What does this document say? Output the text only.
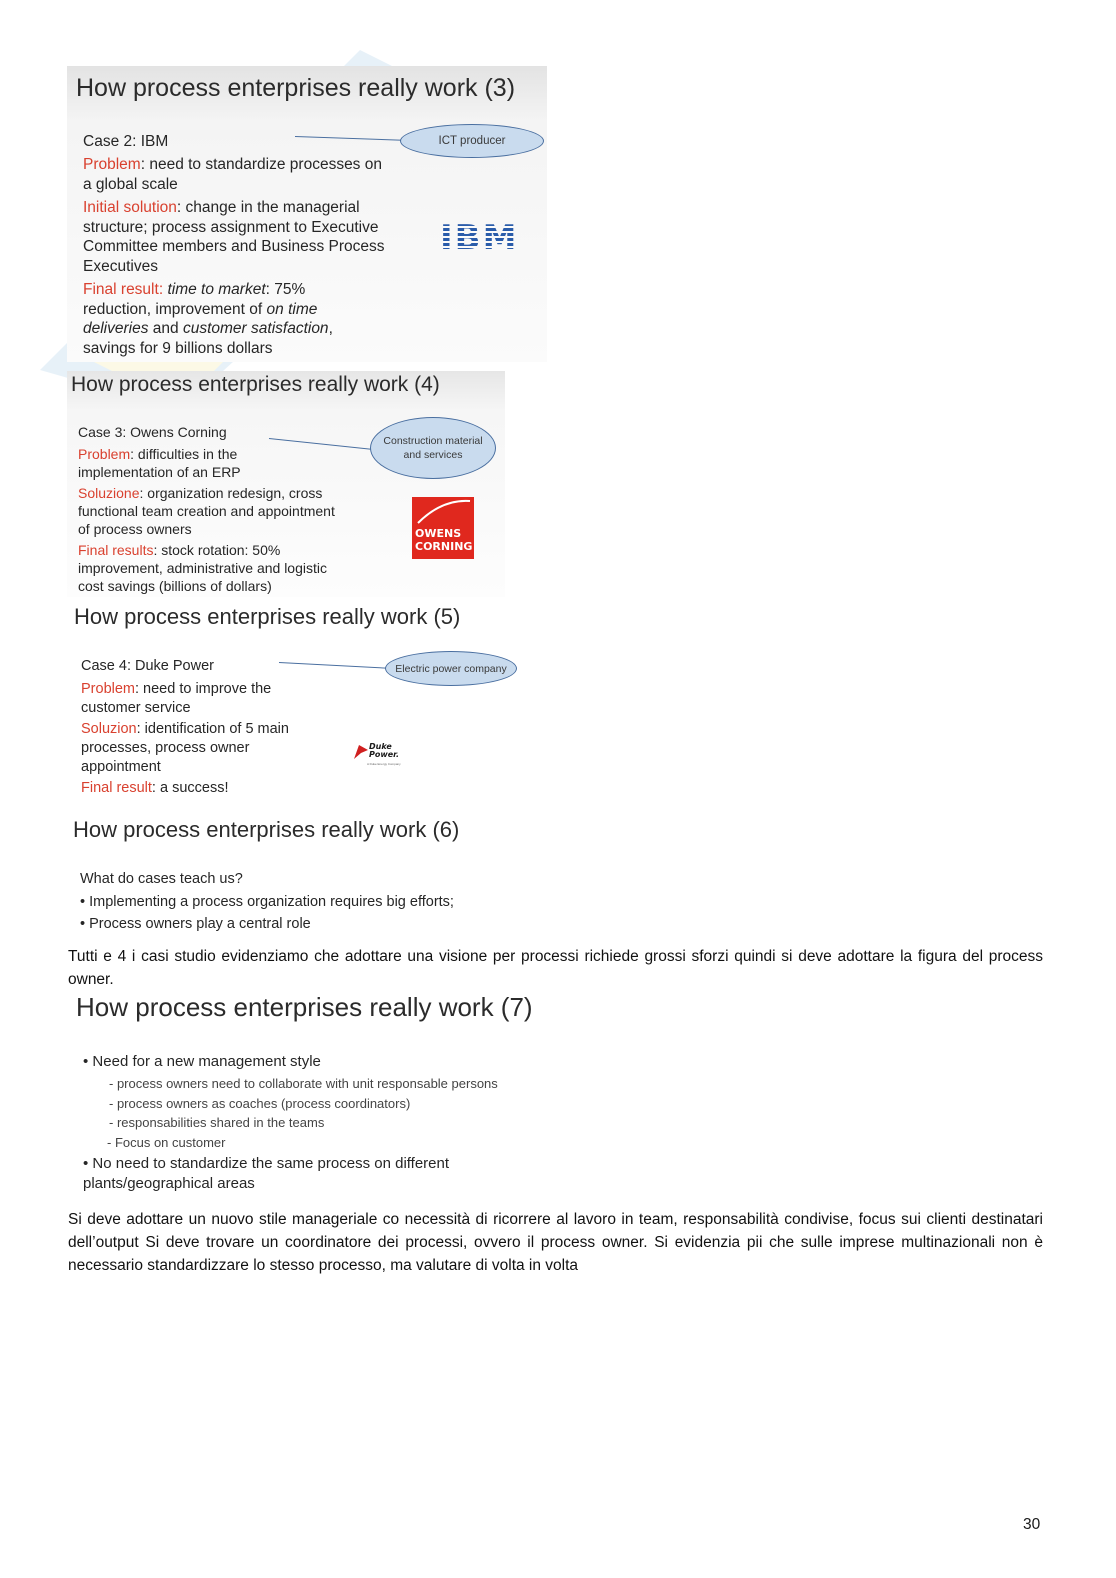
How process enterprises really work (3)
Case 2: IBM
Problem: need to standardize processes on a global scale
Initial solution: change in the managerial structure; process assignment to Executive Committee members and Business Process Executives
Final result: time to market: 75% reduction, improvement of on time deliveries and customer satisfaction, savings for 9 billions dollars
ICT producer
IBM
How process enterprises really work (4)
Case 3: Owens Corning
Problem: difficulties in the implementation of an ERP
Soluzione: organization redesign, cross functional team creation and appointment of process owners
Final results: stock rotation: 50% improvement, administrative and logistic cost savings (billions of dollars)
Construction material and services
OWENS
CORNING
How process enterprises really work (5)
Case 4: Duke Power
Problem: need to improve the customer service
Soluzion: identification of 5 main processes, process owner appointment
Final result: a success!
Electric power company
Duke
Power.
A Duke Energy Company
How process enterprises really work (6)
What do cases teach us?
• Implementing a process organization requires big efforts;
• Process owners play a central role
Tutti e 4 i casi studio evidenziamo che adottare una visione per processi richiede grossi sforzi quindi si deve adottare la figura del process owner.
How process enterprises really work (7)
• Need for a new management style
- process owners need to collaborate with unit responsable persons
- process owners as coaches (process coordinators)
- responsabilities shared in the teams
- Focus on customer
• No need to standardize the same process on different plants/geographical areas
Si deve adottare un nuovo stile manageriale co necessità di ricorrere al lavoro in team, responsabilità condivise, focus sui clienti destinatari dell’output Si deve trovare un coordinatore dei processi, ovvero il process owner. Si evidenzia pii che sulle imprese multinazionali non è necessario standardizzare lo stesso processo, ma valutare di volta in volta
30
